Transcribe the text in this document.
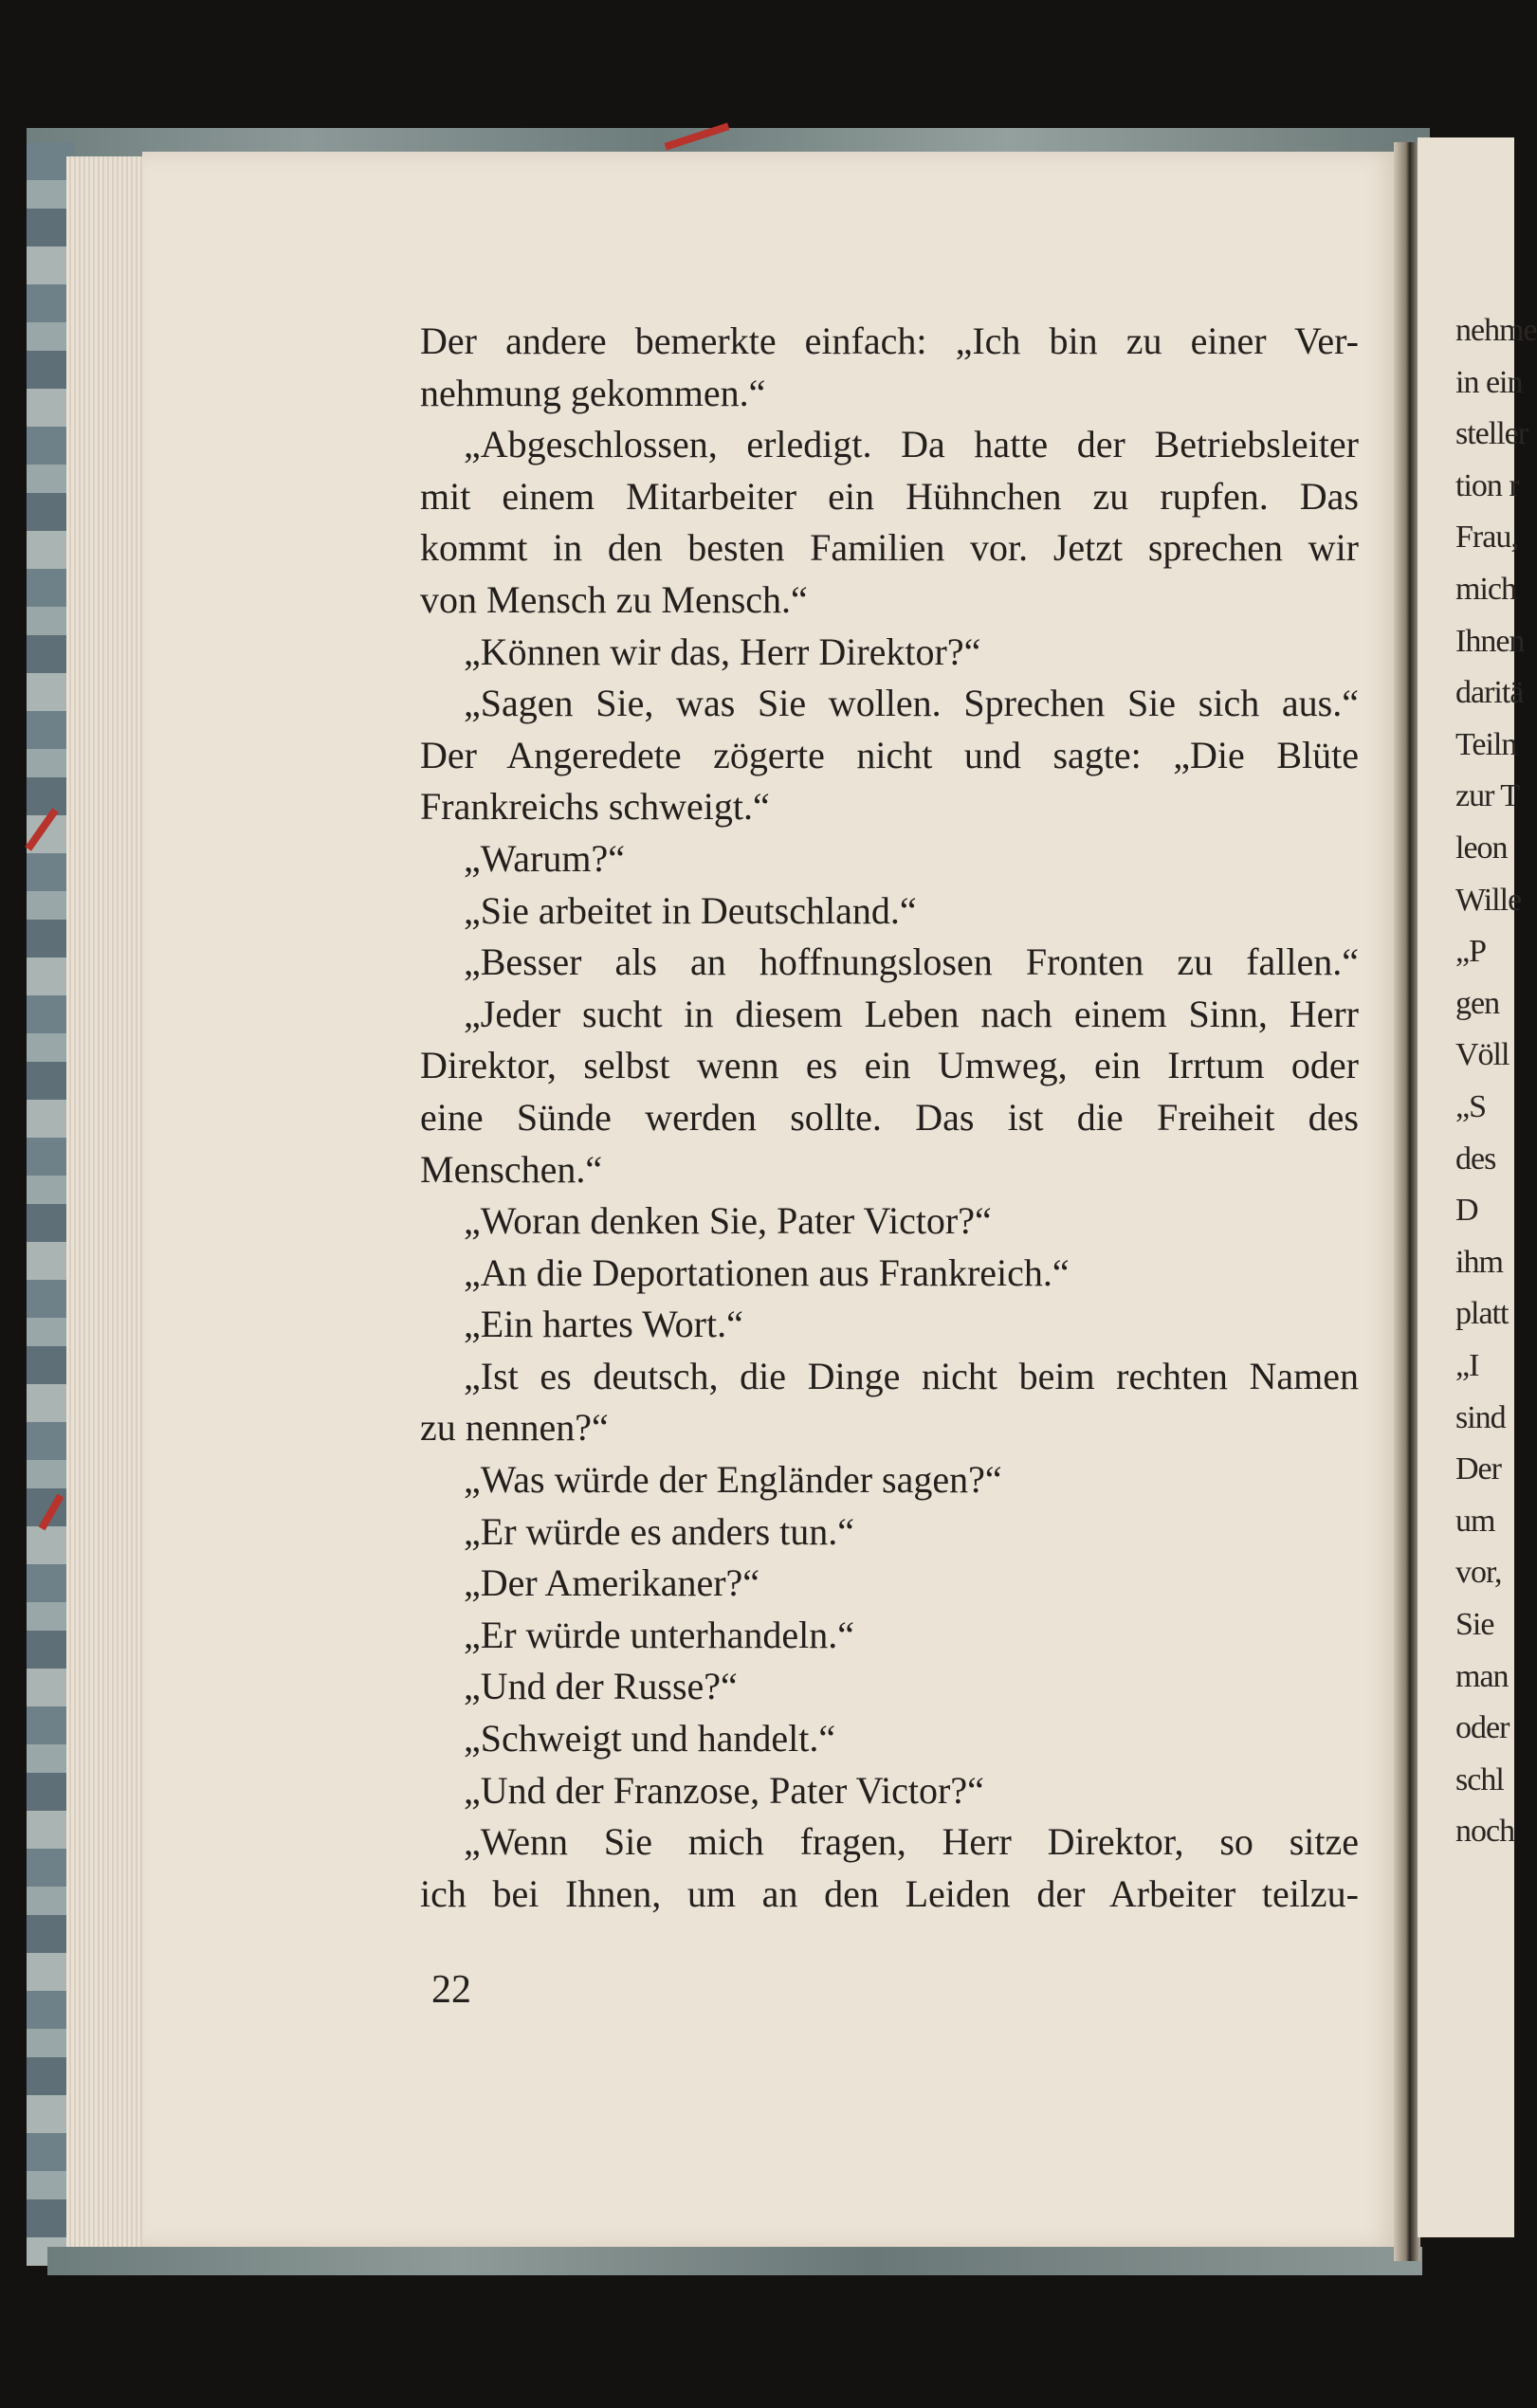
nehme
in ein
steller
tion r
Frau,
mich
Ihnen
daritä
Teiln
zur T
leon
Wille
„P
gen
Völl
„S
des
D
ihm
platt
„I
sind
Der
um
vor,
Sie
man
oder
schl
noch
Der andere bemerkte einfach: „Ich bin zu einer Ver-
nehmung gekommen.“
„Abgeschlossen, erledigt. Da hatte der Betriebsleiter
mit einem Mitarbeiter ein Hühnchen zu rupfen. Das
kommt in den besten Familien vor. Jetzt sprechen wir
von Mensch zu Mensch.“
„Können wir das, Herr Direktor?“
„Sagen Sie, was Sie wollen. Sprechen Sie sich aus.“
Der Angeredete zögerte nicht und sagte: „Die Blüte
Frankreichs schweigt.“
„Warum?“
„Sie arbeitet in Deutschland.“
„Besser als an hoffnungslosen Fronten zu fallen.“
„Jeder sucht in diesem Leben nach einem Sinn, Herr
Direktor, selbst wenn es ein Umweg, ein Irrtum oder
eine Sünde werden sollte. Das ist die Freiheit des
Menschen.“
„Woran denken Sie, Pater Victor?“
„An die Deportationen aus Frankreich.“
„Ein hartes Wort.“
„Ist es deutsch, die Dinge nicht beim rechten Namen
zu nennen?“
„Was würde der Engländer sagen?“
„Er würde es anders tun.“
„Der Amerikaner?“
„Er würde unterhandeln.“
„Und der Russe?“
„Schweigt und handelt.“
„Und der Franzose, Pater Victor?“
„Wenn Sie mich fragen, Herr Direktor, so sitze
ich bei Ihnen, um an den Leiden der Arbeiter teilzu-
22
